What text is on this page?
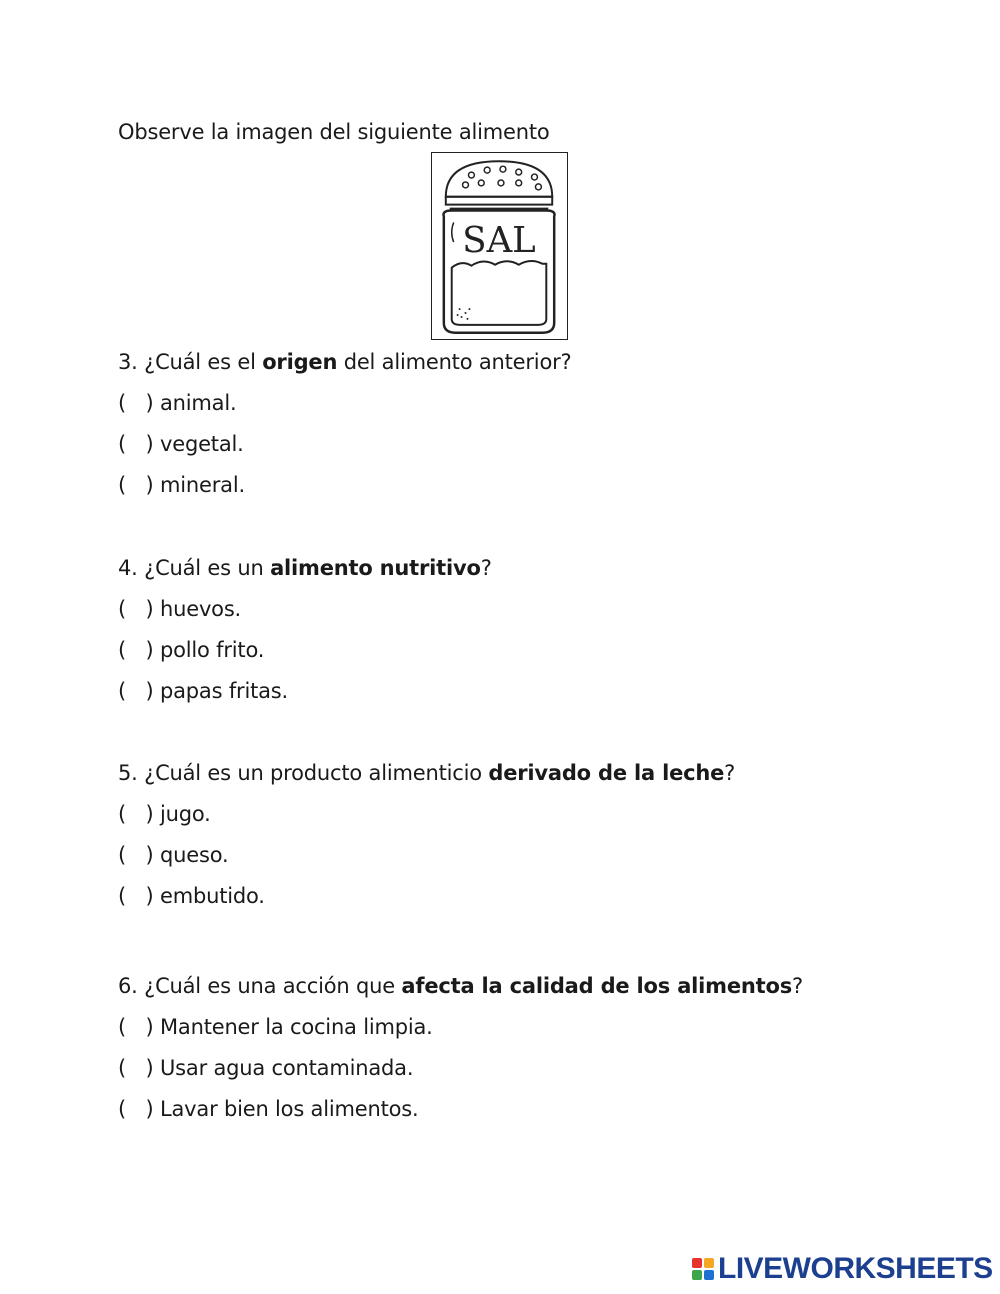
Observe la imagen del siguiente alimento
SAL
3. ¿Cuál es el origen del alimento anterior?
( ) animal.
( ) vegetal.
( ) mineral.
4. ¿Cuál es un alimento nutritivo?
( ) huevos.
( ) pollo frito.
( ) papas fritas.
5. ¿Cuál es un producto alimenticio derivado de la leche?
( ) jugo.
( ) queso.
( ) embutido.
6. ¿Cuál es una acción que afecta la calidad de los alimentos?
( ) Mantener la cocina limpia.
( ) Usar agua contaminada.
( ) Lavar bien los alimentos.
LIVEWORKSHEETS
